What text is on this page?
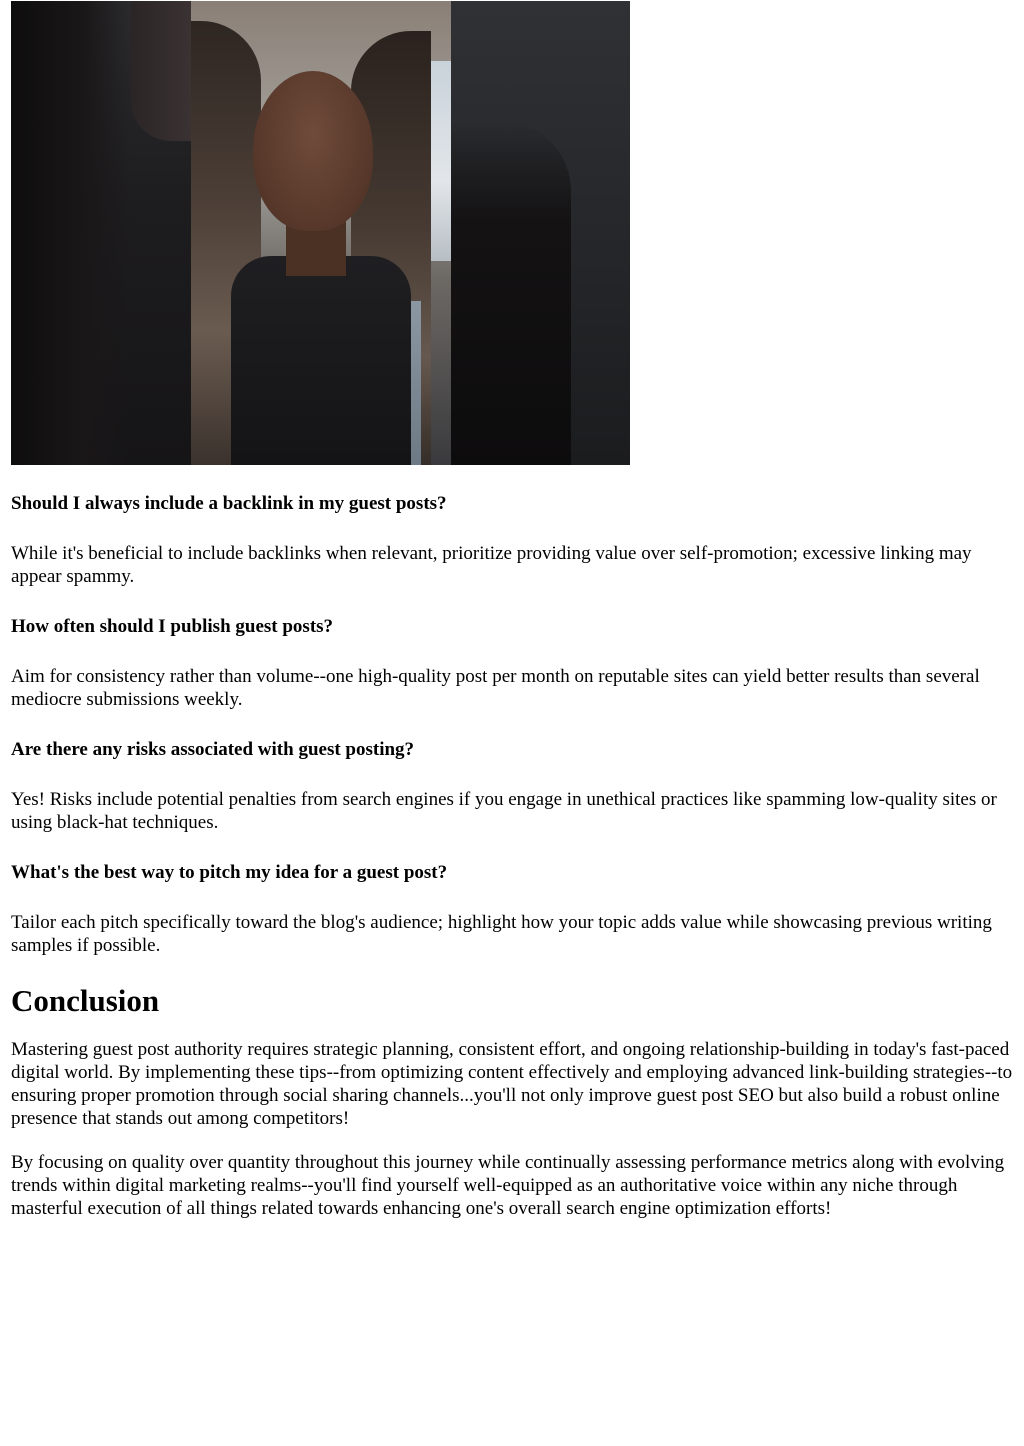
Should I always include a backlink in my guest posts?

While it's beneficial to include backlinks when relevant, prioritize providing value over self-promotion; excessive linking may appear spammy.

How often should I publish guest posts?

Aim for consistency rather than volume--one high-quality post per month on reputable sites can yield better results than several mediocre submissions weekly.

Are there any risks associated with guest posting?

Yes! Risks include potential penalties from search engines if you engage in unethical practices like spamming low-quality sites or using black-hat techniques.

What's the best way to pitch my idea for a guest post?

Tailor each pitch specifically toward the blog's audience; highlight how your topic adds value while showcasing previous writing samples if possible.

Conclusion

Mastering guest post authority requires strategic planning, consistent effort, and ongoing relationship-building in today's fast-paced digital world. By implementing these tips--from optimizing content effectively and employing advanced link-building strategies--to ensuring proper promotion through social sharing channels...you'll not only improve guest post SEO but also build a robust online presence that stands out among competitors!

By focusing on quality over quantity throughout this journey while continually assessing performance metrics along with evolving trends within digital marketing realms--you'll find yourself well-equipped as an authoritative voice within any niche through masterful execution of all things related towards enhancing one's overall search engine optimization efforts!
